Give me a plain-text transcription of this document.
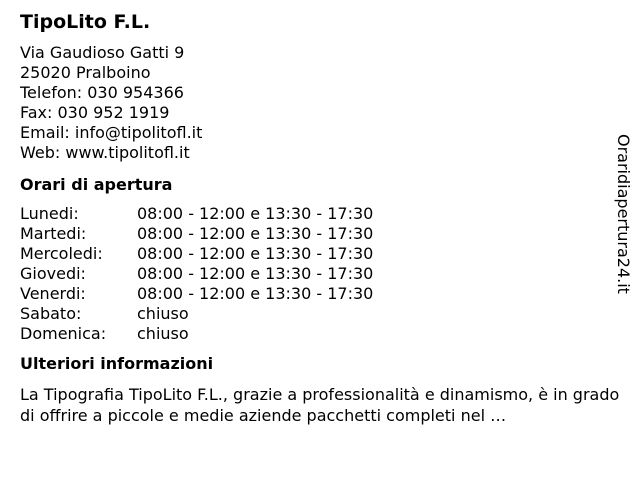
TipoLito F.L.
Via Gaudioso Gatti 9
25020 Pralboino
Telefon: 030 954366
Fax: 030 952 1919
Email: info@tipolitofl.it
Web: www.tipolitofl.it
Orari di apertura
Lunedi:	08:00 - 12:00 e 13:30 - 17:30
Martedi:	08:00 - 12:00 e 13:30 - 17:30
Mercoledi:	08:00 - 12:00 e 13:30 - 17:30
Giovedi:	08:00 - 12:00 e 13:30 - 17:30
Venerdi:	08:00 - 12:00 e 13:30 - 17:30
Sabato:	chiuso
Domenica:	chiuso
Ulteriori informazioni
La Tipografia TipoLito F.L., grazie a professionalità e dinamismo, è in grado di offrire a piccole e medie aziende pacchetti completi nel …
Oraridiapertura24.it
